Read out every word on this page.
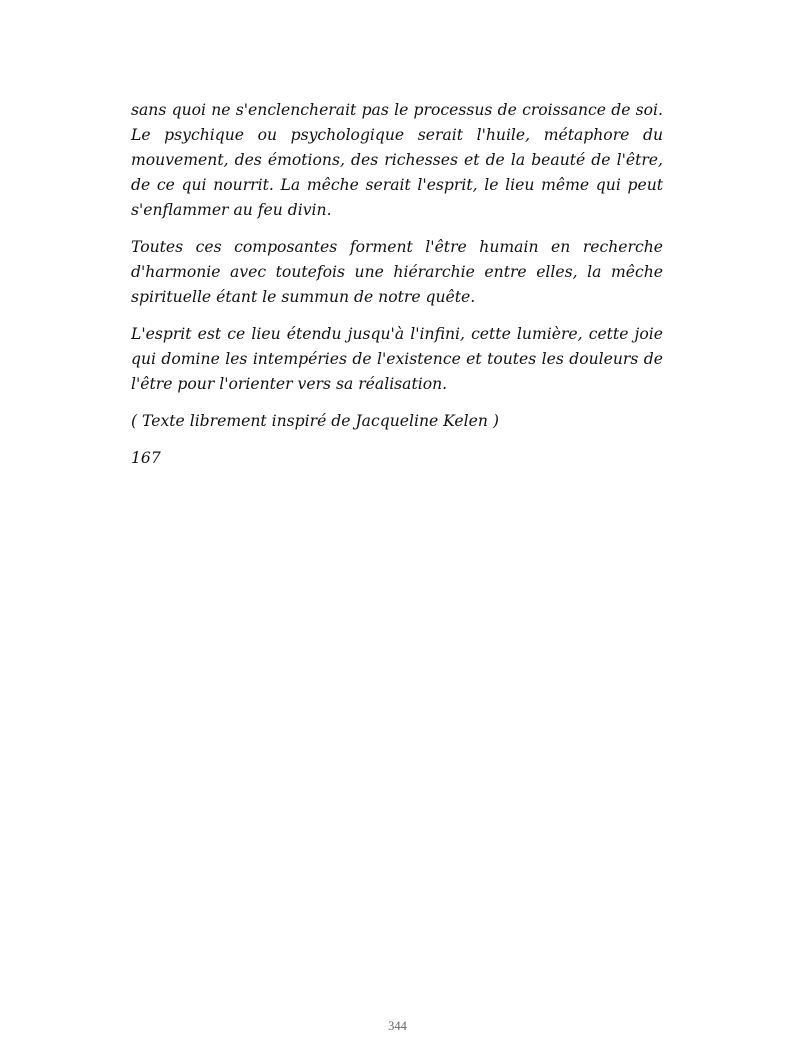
sans quoi ne s'enclencherait pas le processus de croissance de soi. Le psychique ou psychologique serait l'huile, métaphore du mouvement, des émotions, des richesses et de la beauté de l'être, de ce qui nourrit. La mêche serait l'esprit, le lieu même qui peut s'enflammer au feu divin.

Toutes ces composantes forment l'être humain en recherche d'harmonie avec toutefois une hiérarchie entre elles, la mêche spirituelle étant le summun de notre quête.

L'esprit est ce lieu étendu jusqu'à l'infini, cette lumière, cette joie qui domine les intempéries de l'existence et toutes les douleurs de l'être pour l'orienter vers sa réalisation.

( Texte librement inspiré de Jacqueline Kelen )

167

344
